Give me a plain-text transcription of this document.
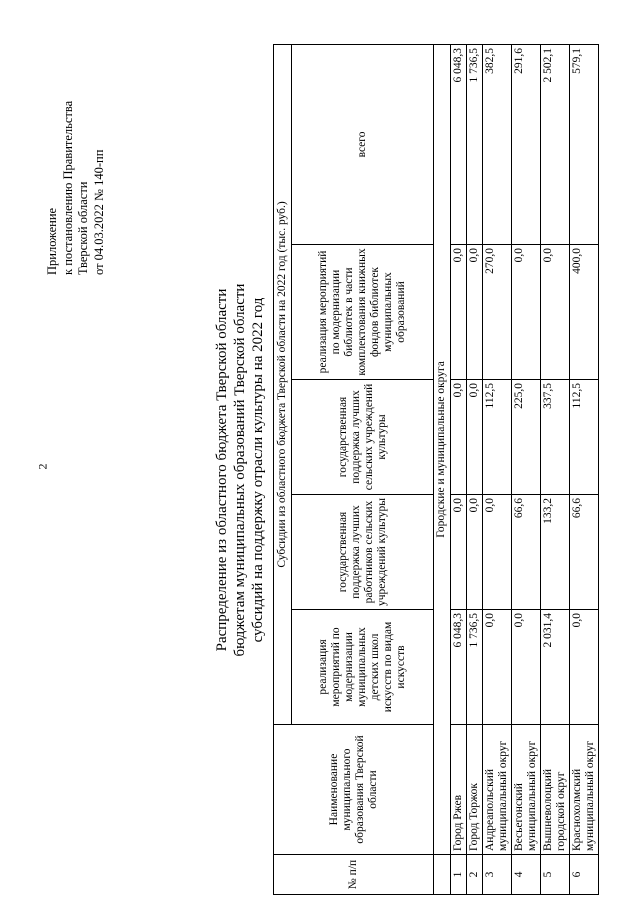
2
Приложение к постановлению Правительства Тверской области от 04.03.2022 № 140-пп
Распределение из областного бюджета Тверской области бюджетам муниципальных образований Тверской области субсидий на поддержку отрасли культуры на 2022 год
№ п/п	Наименование муниципального образования Тверской области	Субсидии из областного бюджета Тверской области на 2022 год (тыс. руб.)				
		реализация мероприятий по модернизации муниципальных детских школ искусств по видам искусств	государственная поддержка лучших работников сельских учреждений культуры	государственная поддержка лучших сельских учреждений культуры	реализация мероприятий по модернизации библиотек в части комплектования книжных фондов библиотек муниципальных образований	всего
	Городские и муниципальные округа					
1	Город Ржев	6 048,3	0,0	0,0	0,0	6 048,3
2	Город Торжок	1 736,5	0,0	0,0	0,0	1 736,5
3	Андреапольский муниципальный округ	0,0	0,0	112,5	270,0	382,5
4	Весьегонский муниципальный округ	0,0	66,6	225,0	0,0	291,6
5	Вышневолоцкий городской округ	2 031,4	133,2	337,5	0,0	2 502,1
6	Краснохолмский муниципальный округ	0,0	66,6	112,5	400,0	579,1
